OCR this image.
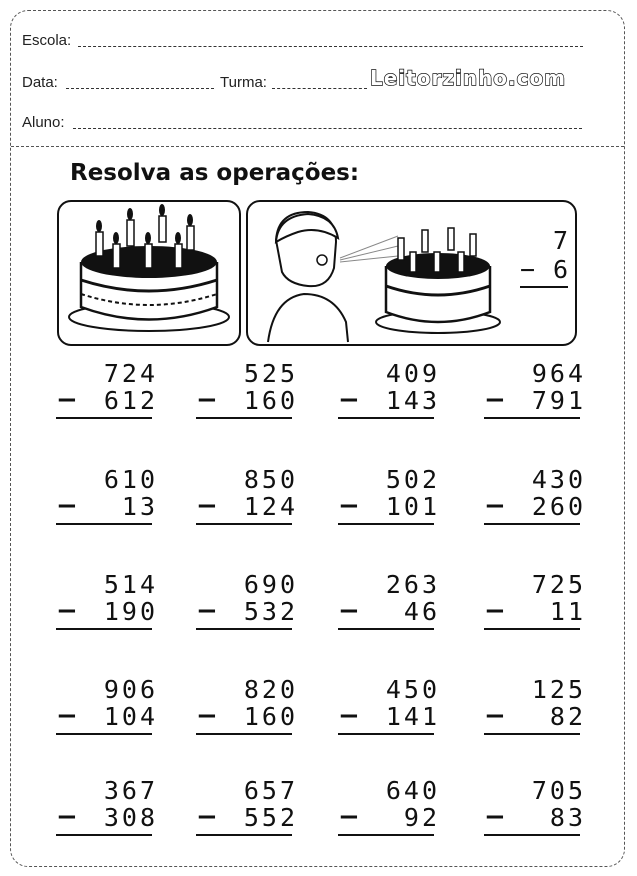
Escola:
Data:	Turma:	Leitorzinho.com
Aluno:
Resolva as operações:
7
− 6
724
− 612
525
− 160
409
− 143
964
− 791
610
− 13
850
− 124
502
− 101
430
− 260
514
− 190
690
− 532
263
− 46
725
− 11
906
− 104
820
− 160
450
− 141
125
− 82
367
− 308
657
− 552
640
− 92
705
− 83
